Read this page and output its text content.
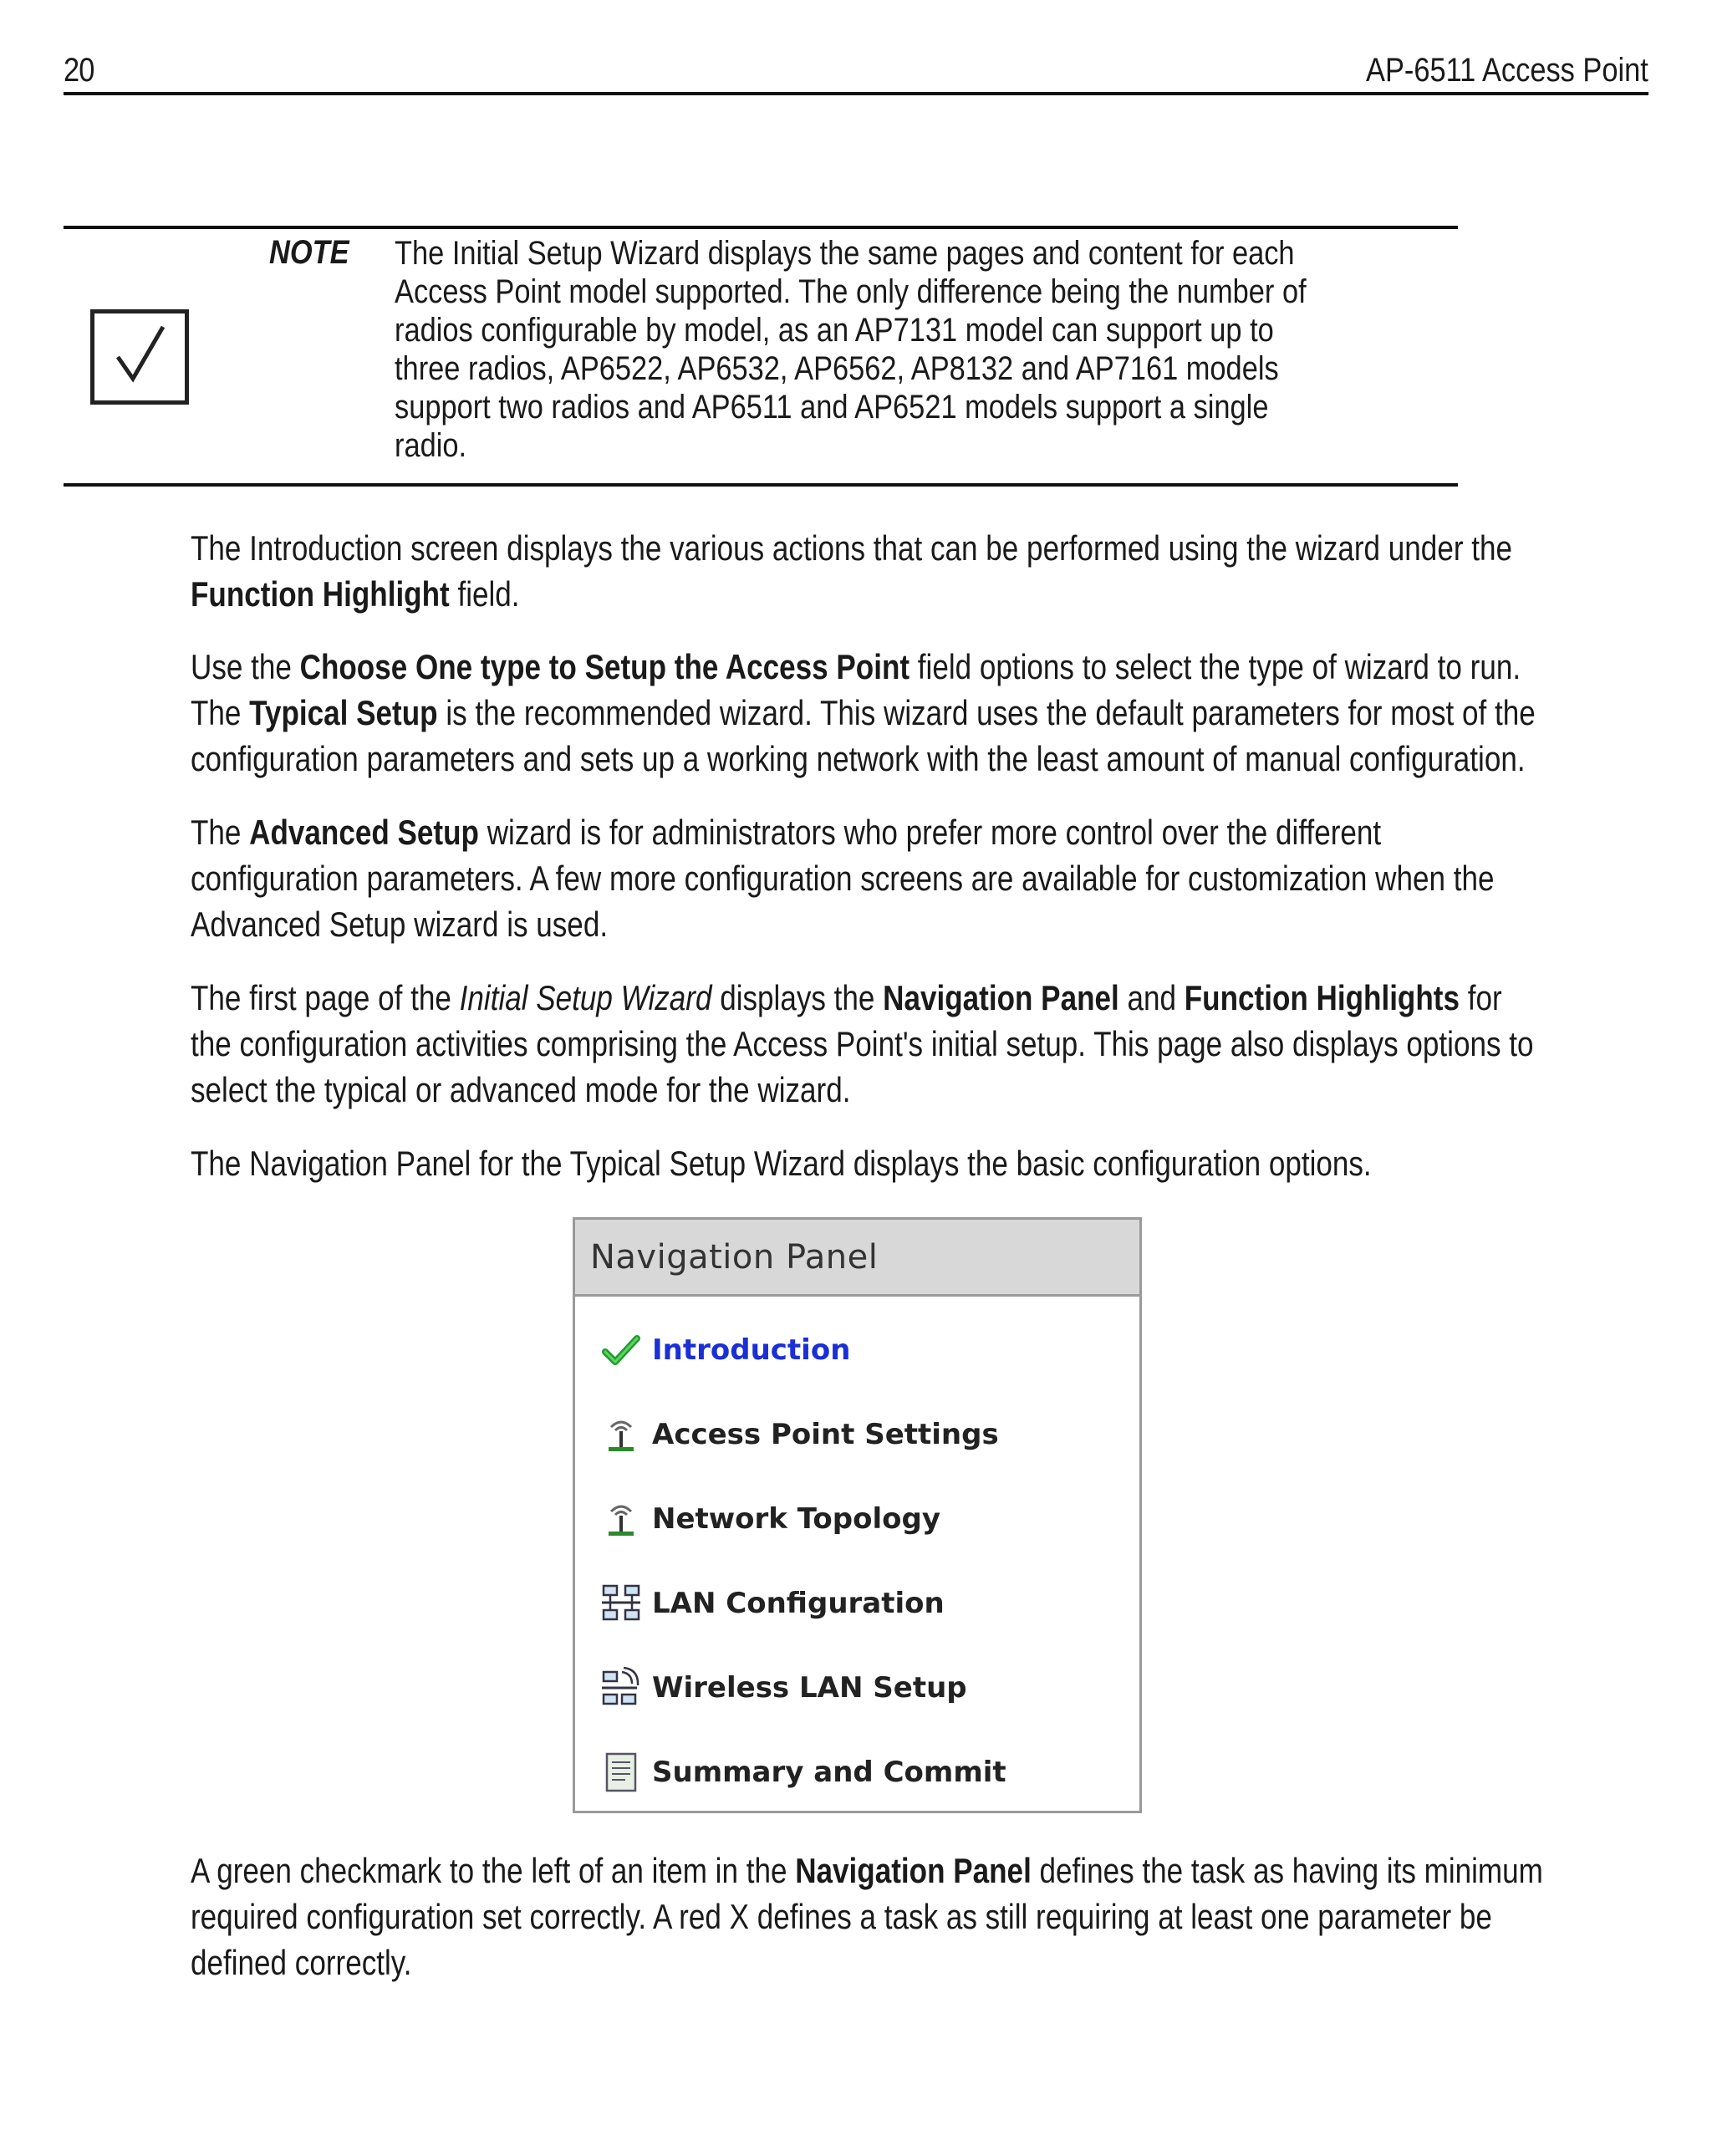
20	AP-6511 Access Point
NOTE The Initial Setup Wizard displays the same pages and content for each
Access Point model supported. The only difference being the number of
radios configurable by model, as an AP7131 model can support up to
three radios, AP6522, AP6532, AP6562, AP8132 and AP7161 models
support two radios and AP6511 and AP6521 models support a single
radio.
The Introduction screen displays the various actions that can be performed using the wizard under the
Function Highlight field.
Use the Choose One type to Setup the Access Point field options to select the type of wizard to run.
The Typical Setup is the recommended wizard. This wizard uses the default parameters for most of the
configuration parameters and sets up a working network with the least amount of manual configuration.
The Advanced Setup wizard is for administrators who prefer more control over the different
configuration parameters. A few more configuration screens are available for customization when the
Advanced Setup wizard is used.
The first page of the Initial Setup Wizard displays the Navigation Panel and Function Highlights for
the configuration activities comprising the Access Point's initial setup. This page also displays options to
select the typical or advanced mode for the wizard.
The Navigation Panel for the Typical Setup Wizard displays the basic configuration options.
Navigation Panel
Introduction
Access Point Settings
Network Topology
LAN Configuration
Wireless LAN Setup
Summary and Commit
A green checkmark to the left of an item in the Navigation Panel defines the task as having its minimum
required configuration set correctly. A red X defines a task as still requiring at least one parameter be
defined correctly.
